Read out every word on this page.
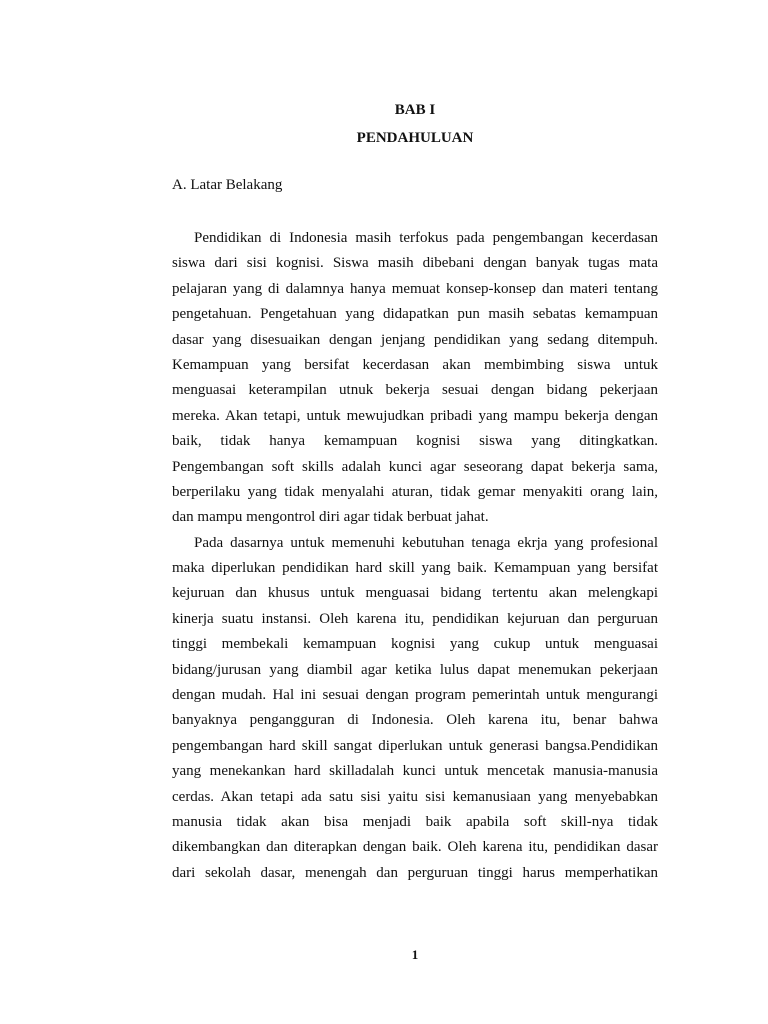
BAB I
PENDAHULUAN
A. Latar Belakang
Pendidikan di Indonesia masih terfokus pada pengembangan kecerdasan
siswa dari sisi kognisi. Siswa masih dibebani dengan banyak tugas mata
pelajaran yang di dalamnya hanya memuat konsep-konsep dan materi tentang
pengetahuan. Pengetahuan yang didapatkan pun masih sebatas kemampuan
dasar yang disesuaikan dengan jenjang pendidikan yang sedang ditempuh.
Kemampuan yang bersifat kecerdasan akan membimbing siswa untuk
menguasai keterampilan utnuk bekerja sesuai dengan bidang pekerjaan
mereka. Akan tetapi, untuk mewujudkan pribadi yang mampu bekerja dengan
baik, tidak hanya kemampuan kognisi siswa yang ditingkatkan.
Pengembangan soft skills adalah kunci agar seseorang dapat bekerja sama,
berperilaku yang tidak menyalahi aturan, tidak gemar menyakiti orang lain,
dan mampu mengontrol diri agar tidak berbuat jahat.
Pada dasarnya untuk memenuhi kebutuhan tenaga ekrja yang profesional
maka diperlukan pendidikan hard skill yang baik. Kemampuan yang bersifat
kejuruan dan khusus untuk menguasai bidang tertentu akan melengkapi
kinerja suatu instansi. Oleh karena itu, pendidikan kejuruan dan perguruan
tinggi membekali kemampuan kognisi yang cukup untuk menguasai
bidang/jurusan yang diambil agar ketika lulus dapat menemukan pekerjaan
dengan mudah. Hal ini sesuai dengan program pemerintah untuk mengurangi
banyaknya pengangguran di Indonesia. Oleh karena itu, benar bahwa
pengembangan hard skill sangat diperlukan untuk generasi bangsa.Pendidikan
yang menekankan hard skilladalah kunci untuk mencetak manusia-manusia
cerdas. Akan tetapi ada satu sisi yaitu sisi kemanusiaan yang menyebabkan
manusia tidak akan bisa menjadi baik apabila soft skill-nya tidak
dikembangkan dan diterapkan dengan baik. Oleh karena itu, pendidikan dasar
dari sekolah dasar, menengah dan perguruan tinggi harus memperhatikan
1
